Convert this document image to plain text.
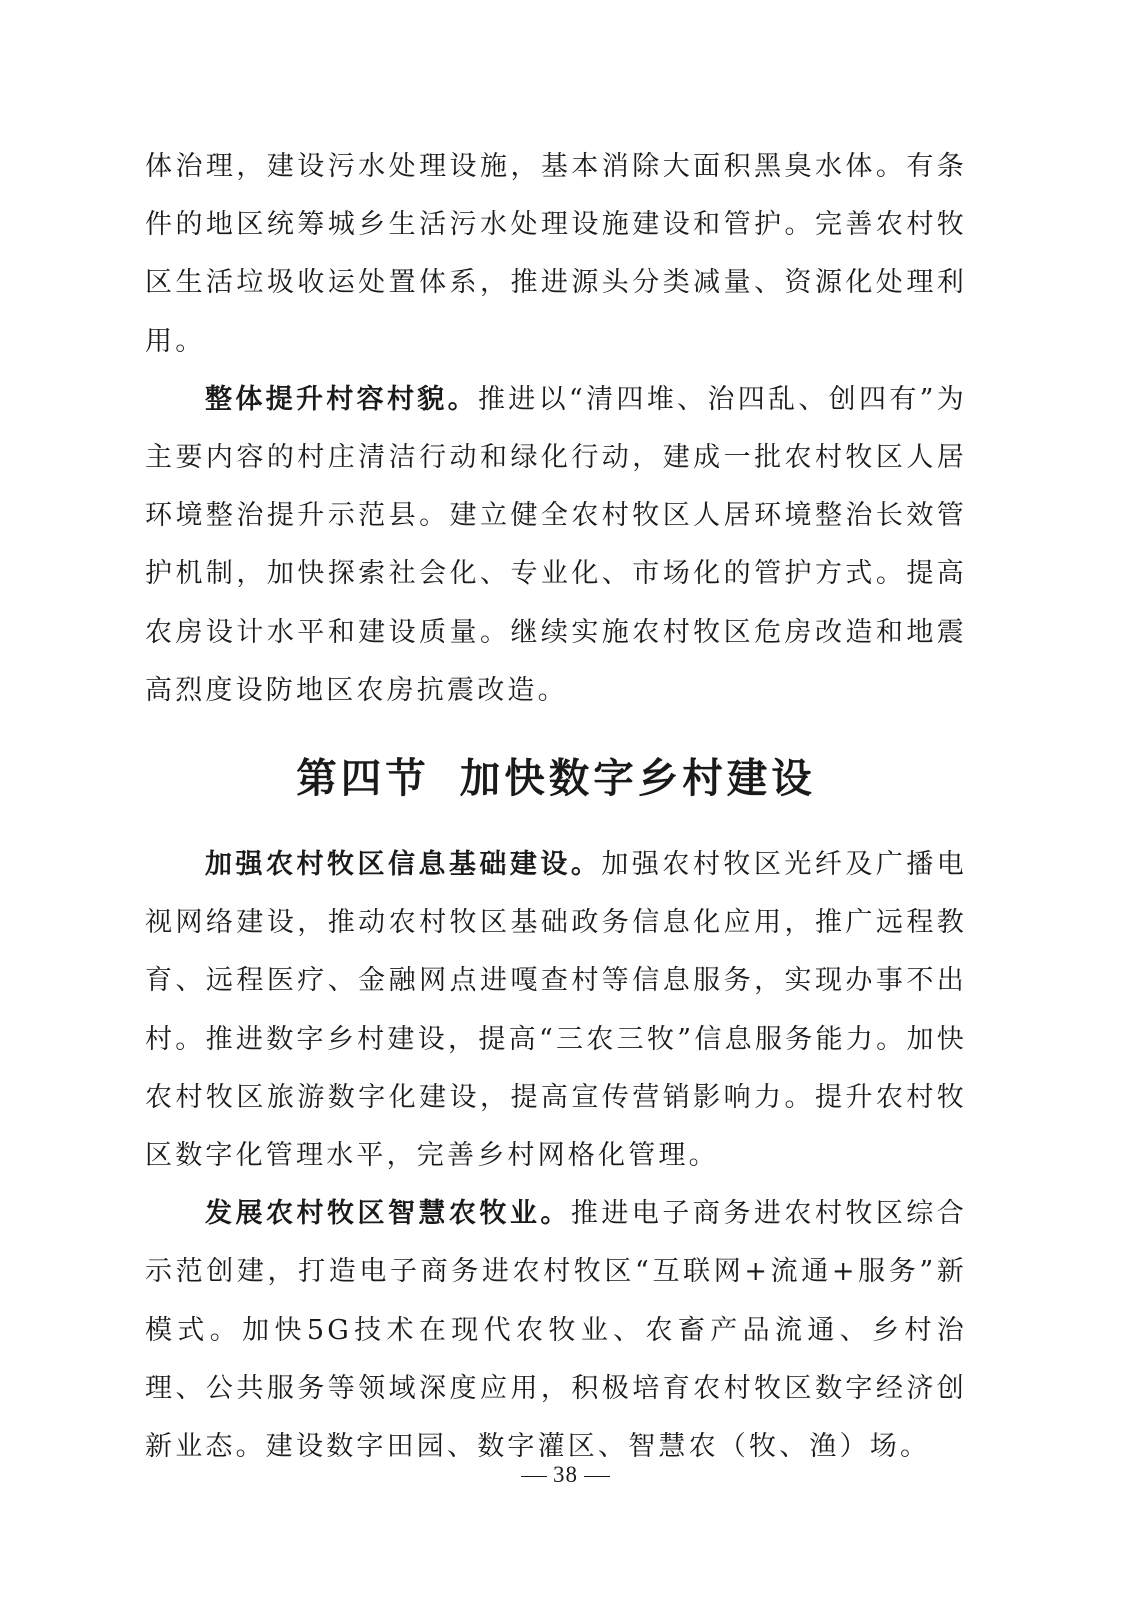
体治理，建设污水处理设施，基本消除大面积黑臭水体。有条件的地区统筹城乡生活污水处理设施建设和管护。完善农村牧区生活垃圾收运处置体系，推进源头分类减量、资源化处理利用。

整体提升村容村貌。推进以“清四堆、治四乱、创四有”为主要内容的村庄清洁行动和绿化行动，建成一批农村牧区人居环境整治提升示范县。建立健全农村牧区人居环境整治长效管护机制，加快探索社会化、专业化、市场化的管护方式。提高农房设计水平和建设质量。继续实施农村牧区危房改造和地震高烈度设防地区农房抗震改造。

第四节 加快数字乡村建设

加强农村牧区信息基础建设。加强农村牧区光纤及广播电视网络建设，推动农村牧区基础政务信息化应用，推广远程教育、远程医疗、金融网点进嘎查村等信息服务，实现办事不出村。推进数字乡村建设，提高“三农三牧”信息服务能力。加快农村牧区旅游数字化建设，提高宣传营销影响力。提升农村牧区数字化管理水平，完善乡村网格化管理。

发展农村牧区智慧农牧业。推进电子商务进农村牧区综合示范创建，打造电子商务进农村牧区“互联网+流通+服务”新模式。加快5G技术在现代农牧业、农畜产品流通、乡村治理、公共服务等领域深度应用，积极培育农村牧区数字经济创新业态。建设数字田园、数字灌区、智慧农（牧、渔）场。

38
